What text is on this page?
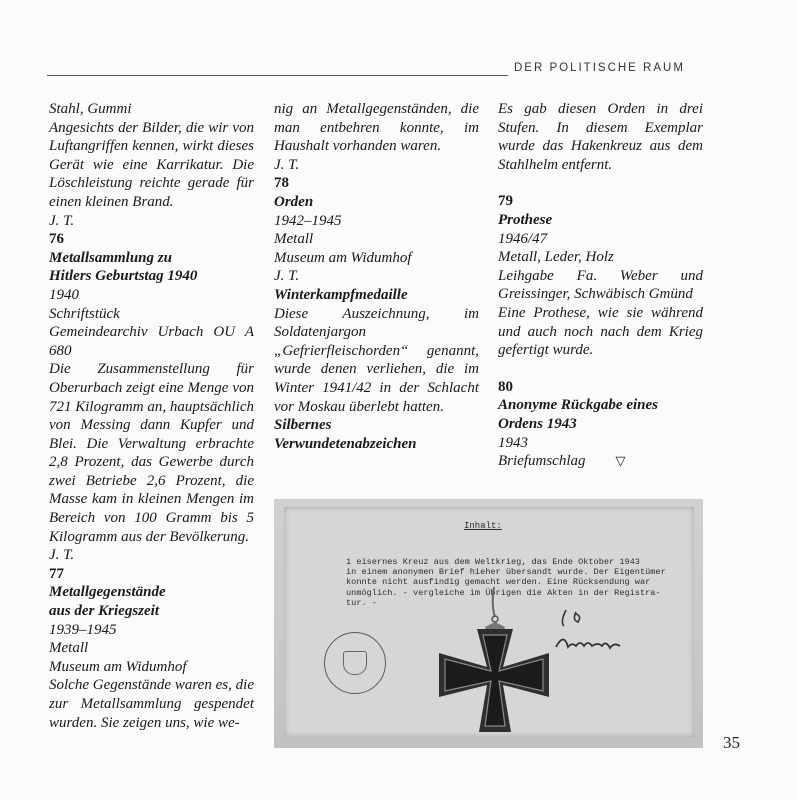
DER POLITISCHE RAUM

Stahl, Gummi

Angesichts der Bilder, die wir von Luftangriffen kennen, wirkt dieses Gerät wie eine Karrikatur. Die Löschleistung reichte gerade für einen kleinen Brand.

J. T.

76

Metallsammlung zu

Hitlers Geburtstag 1940

1940

Schriftstück

Gemeindearchiv Urbach OU A 680

Die Zusammenstellung für Oberurbach zeigt eine Menge von 721 Kilogramm an, hauptsächlich von Messing dann Kupfer und Blei. Die Verwaltung erbrachte 2,8 Prozent, das Gewerbe durch zwei Betriebe 2,6 Prozent, die Masse kam in kleinen Mengen im Bereich von 100 Gramm bis 5 Kilogramm aus der Bevölkerung.

J. T.

77

Metallgegenstände

aus der Kriegszeit

1939–1945

Metall

Museum am Widumhof

Solche Gegenstände waren es, die zur Metallsammlung gespendet wurden. Sie zeigen uns, wie we-

nig an Metallgegenständen, die man entbehren konnte, im Haushalt vorhanden waren.

J. T.

78

Orden

1942–1945

Metall

Museum am Widumhof

J. T.

Winterkampfmedaille

Diese Auszeichnung, im Soldatenjargon „Gefrierfleischorden“ genannt, wurde denen verliehen, die im Winter 1941/42 in der Schlacht vor Moskau überlebt hatten.

Silbernes

Verwundetenabzeichen

Es gab diesen Orden in drei Stufen. In diesem Exemplar wurde das Hakenkreuz aus dem Stahlhelm entfernt.

79

Prothese

1946/47

Metall, Leder, Holz

Leihgabe Fa. Weber und Greissinger, Schwäbisch Gmünd

Eine Prothese, wie sie während und auch noch nach dem Krieg gefertigt wurde.

80

Anonyme Rückgabe eines

Ordens 1943

1943

Briefumschlag ▽

Inhalt:
1 eisernes Kreuz aus dem Weltkrieg, das Ende Oktober 1943
in einem anonymen Brief hieher übersandt wurde. Der Eigentümer
konnte nicht ausfindig gemacht werden. Eine Rücksendung war
unmöglich. - vergleiche im Übrigen die Akten in der Registra-
tur. -
35
